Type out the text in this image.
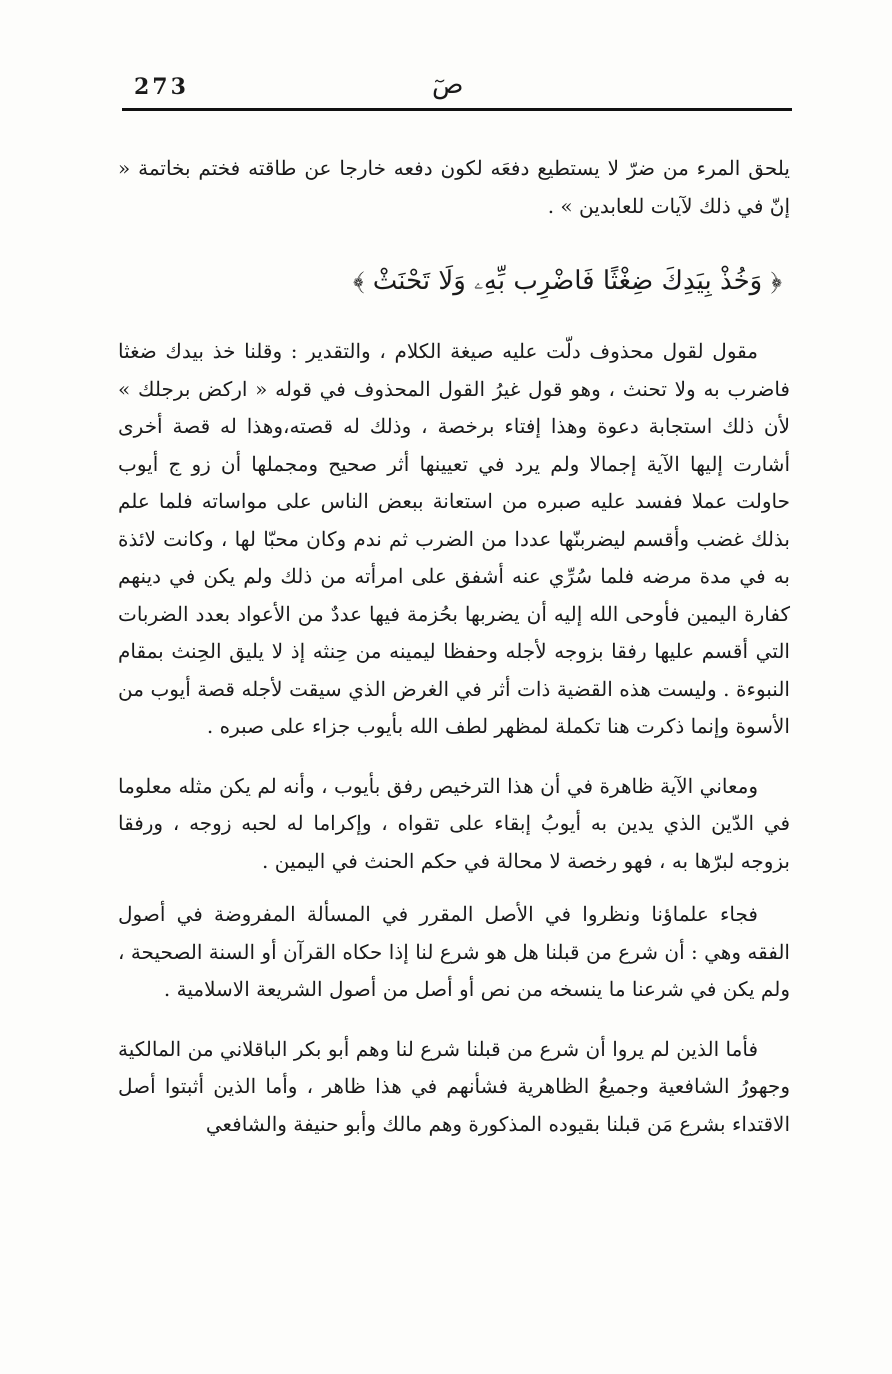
273	صٓ

يلحق المرء من ضرّ لا يستطيع دفعَه لكون دفعه خارجا عن طاقته فختم بخاتمة « إنّ في ذلك لآيات للعابدين » .

﴿ وَخُذْ بِيَدِكَ ضِغْثًا فَاضْرِب بِّهِۦ وَلَا تَحْنَثْ ﴾

مقول لقول محذوف دلّت عليه صيغة الكلام ، والتقدير : وقلنا خذ بيدك ضغثا فاضرب به ولا تحنث ، وهو قول غيرُ القول المحذوف في قوله « اركض برجلك » لأن ذلك استجابة دعوة وهذا إفتاء برخصة ، وذلك له قصته،وهذا له قصة أخرى أشارت إليها الآية إجمالا ولم يرد في تعيينها أثر صحيح ومجملها أن زو ج أيوب حاولت عملا ففسد عليه صبره من استعانة ببعض الناس على مواساته فلما علم بذلك غضب وأقسم ليضربنّها عددا من الضرب ثم ندم وكان محبّا لها ، وكانت لائذة به في مدة مرضه فلما سُرِّي عنه أشفق على امرأته من ذلك ولم يكن في دينهم كفارة اليمين فأوحى الله إليه أن يضربها بحُزمة فيها عددٌ من الأعواد بعدد الضربات التي أقسم عليها رفقا بزوجه لأجله وحفظا ليمينه من حِنثه إذ لا يليق الحِنث بمقام النبوءة . وليست هذه القضية ذات أثر في الغرض الذي سيقت لأجله قصة أيوب من الأسوة وإنما ذكرت هنا تكملة لمظهر لطف الله بأيوب جزاء على صبره .

ومعاني الآية ظاهرة في أن هذا الترخيص رفق بأيوب ، وأنه لم يكن مثله معلوما في الدّين الذي يدين به أيوبُ إبقاء على تقواه ، وإكراما له لحبه زوجه ، ورفقا بزوجه لبرّها به ، فهو رخصة لا محالة في حكم الحنث في اليمين .

فجاء علماؤنا ونظروا في الأصل المقرر في المسألة المفروضة في أصول الفقه وهي : أن شرع من قبلنا هل هو شرع لنا إذا حكاه القرآن أو السنة الصحيحة ، ولم يكن في شرعنا ما ينسخه من نص أو أصل من أصول الشريعة الاسلامية .

فأما الذين لم يروا أن شرع من قبلنا شرع لنا وهم أبو بكر الباقلاني من المالكية وجهورُ الشافعية وجميعُ الظاهرية فشأنهم في هذا ظاهر ، وأما الذين أثبتوا أصل الاقتداء بشرع مَن قبلنا بقيوده المذكورة وهم مالك وأبو حنيفة والشافعي
